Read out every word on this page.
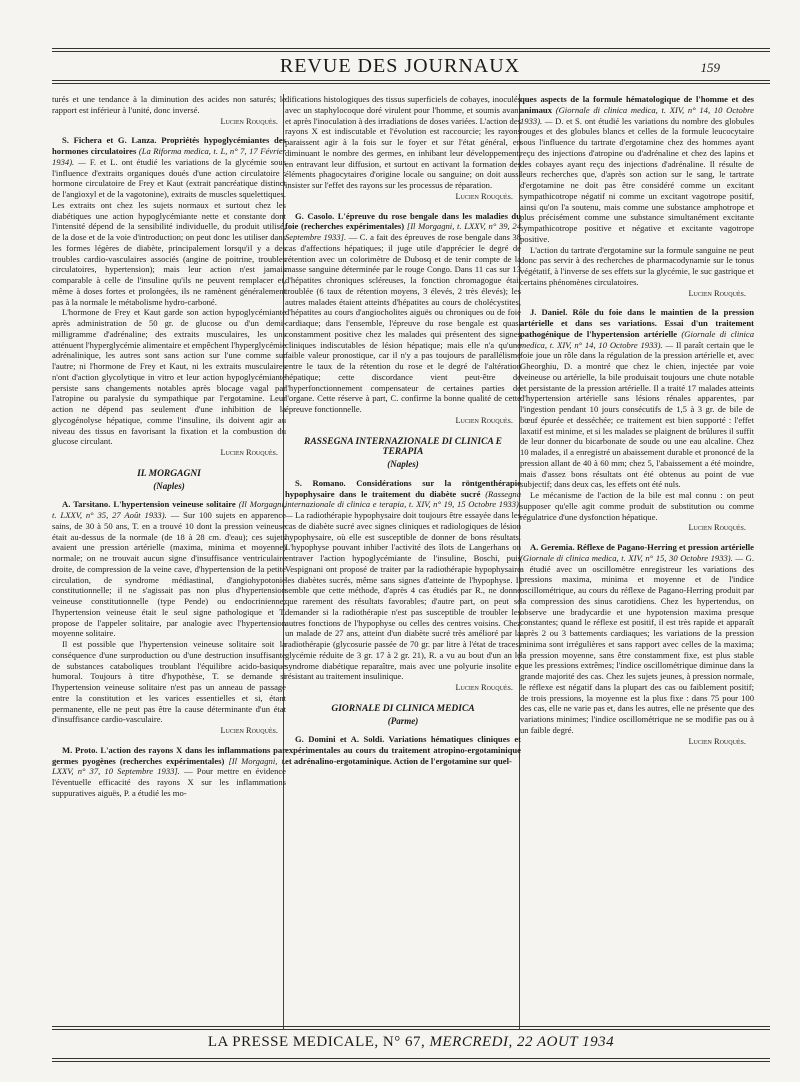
REVUE DES JOURNAUX	159

turés et une tendance à la diminution des acides non saturés; le rapport est inférieur à l'unité, donc inversé.

Lucien Rouquès.

S. Fichera et G. Lanza. Propriétés hypoglycémiantes des hormones circulatoires (La Riforma medica, t. L, n° 7, 17 Février 1934). — F. et L. ont étudié les variations de la glycémie sous l'influence d'extraits organiques doués d'une action circulatoire : hormone circulatoire de Frey et Kaut (extrait pancréatique distinct de l'angioxyl et de la vagotonine), extraits de muscles squelettiques. Les extraits ont chez les sujets normaux et surtout chez les diabétiques une action hypoglycémiante nette et constante dont l'intensité dépend de la sensibilité individuelle, du produit utilisé, de la dose et de la voie d'introduction; on peut donc les utiliser dans les formes légères de diabète, principalement lorsqu'il y a des troubles cardio-vasculaires associés (angine de poitrine, troubles circulatoires, hypertension); mais leur action n'est jamais comparable à celle de l'insuline qu'ils ne peuvent remplacer et, même à doses fortes et prolongées, ils ne ramènent généralement pas à la normale le métabolisme hydro-carboné.

L'hormone de Frey et Kaut garde son action hypoglycémiante après administration de 50 gr. de glucose ou d'un demi-milligramme d'adrénaline; des extraits musculaires, les uns atténuent l'hyperglycémie alimentaire et empêchent l'hyperglycémie adrénalinique, les autres sont sans action sur l'une comme sur l'autre; ni l'hormone de Frey et Kaut, ni les extraits musculaires n'ont d'action glycolytique in vitro et leur action hypoglycémiante persiste sans changements notables après blocage vagal par l'atropine ou paralysie du sympathique par l'ergotamine. Leur action ne dépend pas seulement d'une inhibition de la glycogénolyse hépatique, comme l'insuline, ils doivent agir au niveau des tissus en favorisant la fixation et la combustion du glucose circulant.

Lucien Rouquès.
IL MORGAGNI
(Naples)

A. Tarsitano. L'hypertension veineuse solitaire (Il Morgagni, t. LXXV, n° 35, 27 Août 1933). — Sur 100 sujets en apparence sains, de 30 à 50 ans, T. en a trouvé 10 dont la pression veineuse était au-dessus de la normale (de 18 à 28 cm. d'eau); ces sujets avaient une pression artérielle (maxima, minima et moyenne) normale; on ne trouvait aucun signe d'insuffisance ventriculaire droite, de compression de la veine cave, d'hypertension de la petite circulation, de syndrome médiastinal, d'angiohypotonie constitutionnelle; il ne s'agissait pas non plus d'hypertension veineuse constitutionnelle (type Pende) ou endocrinienne; l'hypertension veineuse était le seul signe pathologique et T. propose de l'appeler solitaire, par analogie avec l'hypertension moyenne solitaire.

Il est possible que l'hypertension veineuse solitaire soit la conséquence d'une surproduction ou d'une destruction insuffisante de substances cataboliques troublant l'équilibre acido-basique humoral. Toujours à titre d'hypothèse, T. se demande si l'hypertension veineuse solitaire n'est pas un anneau de passage entre la constitution et les varices essentielles et si, étant permanente, elle ne peut pas être la cause déterminante d'un état d'insuffisance cardio-vasculaire.

Lucien Rouquès.

M. Proto. L'action des rayons X dans les inflammations par germes pyogènes (recherches expérimentales) [Il Morgagni, t. LXXV, n° 37, 10 Septembre 1933]. — Pour mettre en évidence l'éventuelle efficacité des rayons X sur les inflammations suppuratives aiguës, P. a étudié les mo-

difications histologiques des tissus superficiels de cobayes, inoculés avec un staphylocoque doré virulent pour l'homme, et soumis avant et après l'inoculation à des irradiations de doses variées. L'action des rayons X est indiscutable et l'évolution est raccourcie; les rayons paraissent agir à la fois sur le foyer et sur l'état général, en diminuant le nombre des germes, en inhibant leur développement, en entravant leur diffusion, et surtout en activant la formation des éléments phagocytaires d'origine locale ou sanguine; on doit aussi insister sur l'effet des rayons sur les processus de réparation.

Lucien Rouquès.

G. Casolo. L'épreuve du rose bengale dans les maladies du foie (recherches expérimentales) [Il Morgagni, t. LXXV, n° 39, 24 Septembre 1933]. — C. a fait des épreuves de rose bengale dans 38 cas d'affections hépatiques; il juge utile d'apprécier le degré de rétention avec un colorimètre de Dubosq et de tenir compte de la masse sanguine déterminée par le rouge Congo. Dans 11 cas sur 13 d'hépatites chroniques scléreuses, la fonction chromagogue était troublée (6 taux de rétention moyens, 3 élevés, 2 très élevés); les autres malades étaient atteints d'hépatites au cours de cholécystites, d'hépatites au cours d'angiocholites aiguës ou chroniques ou de foie cardiaque; dans l'ensemble, l'épreuve du rose bengale est quasi constamment positive chez les malades qui présentent des signes cliniques indiscutables de lésion hépatique; mais elle n'a qu'une faible valeur pronostique, car il n'y a pas toujours de parallélisme entre le taux de la rétention du rose et le degré de l'altération hépatique; cette discordance vient peut-être de l'hyperfonctionnement compensateur de certaines parties de l'organe. Cette réserve à part, C. confirme la bonne qualité de cette épreuve fonctionnelle.

Lucien Rouquès.
RASSEGNA INTERNAZIONALE DI CLINICA E TERAPIA
(Naples)

S. Romano. Considérations sur la röntgenthérapie hypophysaire dans le traitement du diabète sucré (Rassegna internazionale di clinica e terapia, t. XIV, n° 19, 15 Octobre 1933). — La radiothérapie hypophysaire doit toujours être essayée dans les cas de diabète sucré avec signes cliniques et radiologiques de lésion hypophysaire, où elle est susceptible de donner de bons résultats. L'hypophyse pouvant inhiber l'activité des îlots de Langerhans on entraver l'action hypoglycémiante de l'insuline, Boschi, puis Vespignani ont proposé de traiter par la radiothérapie hypophysaire les diabètes sucrés, même sans signes d'atteinte de l'hypophyse. Il semble que cette méthode, d'après 4 cas étudiés par R., ne donne que rarement des résultats favorables; d'autre part, on peut se demander si la radiothérapie n'est pas susceptible de troubler les autres fonctions de l'hypophyse ou celles des centres voisins. Chez un malade de 27 ans, atteint d'un diabète sucré très amélioré par la radiothérapie (glycosurie passée de 70 gr. par litre à l'état de traces, glycémie réduite de 3 gr. 17 à 2 gr. 21), R. a vu au bout d'un an le syndrome diabétique reparaître, mais avec une polyurie insolite et résistant au traitement insulinique.

Lucien Rouquès.
GIORNALE DI CLINICA MEDICA
(Parme)

G. Domini et A. Soldi. Variations hématiques cliniques et expérimentales au cours du traitement atropino-ergotaminique et adrénalino-ergotaminique. Action de l'ergotamine sur quel-

ques aspects de la formule hématologique de l'homme et des animaux (Giornale di clinica medica, t. XIV, n° 14, 10 Octobre 1933). — D. et S. ont étudié les variations du nombre des globules rouges et des globules blancs et celles de la formule leucocytaire sous l'influence du tartrate d'ergotamine chez des hommes ayant reçu des injections d'atropine ou d'adrénaline et chez des lapins et des cobayes ayant reçu des injections d'adrénaline. Il résulte de leurs recherches que, d'après son action sur le sang, le tartrate d'ergotamine ne doit pas être considéré comme un excitant sympathicotrope négatif ni comme un excitant vagotrope positif, ainsi qu'on l'a soutenu, mais comme une substance amphotrope et plus précisément comme une substance simultanément excitante sympathicotrope positive et négative et excitante vagotrope positive.

L'action du tartrate d'ergotamine sur la formule sanguine ne peut donc pas servir à des recherches de pharmacodynamie sur le tonus végétatif, à l'inverse de ses effets sur la glycémie, le suc gastrique et certains phénomènes circulatoires.

Lucien Rouquès.

J. Daniel. Rôle du foie dans le maintien de la pression artérielle et dans ses variations. Essai d'un traitement pathogénique de l'hypertension artérielle (Giornale di clinica medica, t. XIV, n° 14, 10 Octobre 1933). — Il paraît certain que le foie joue un rôle dans la régulation de la pression artérielle et, avec Gheorghiu, D. a montré que chez le chien, injectée par voie veineuse ou artérielle, la bile produisait toujours une chute notable et persistante de la pression artérielle. Il a traité 17 malades atteints d'hypertension artérielle sans lésions rénales apparentes, par l'ingestion pendant 10 jours consécutifs de 1,5 à 3 gr. de bile de bœuf épurée et desséchée; ce traitement est bien supporté : l'effet laxatif est minime, et si les malades se plaignent de brûlures il suffit de leur donner du bicarbonate de soude ou une eau alcaline. Chez 10 malades, il a enregistré un abaissement durable et prononcé de la pression allant de 40 à 60 mm; chez 5, l'abaissement a été moindre, mais d'assez bons résultats ont été obtenus au point de vue subjectif; dans deux cas, les effets ont été nuls.

Le mécanisme de l'action de la bile est mal connu : on peut supposer qu'elle agit comme produit de substitution ou comme régulatrice d'une dysfonction hépatique.

Lucien Rouquès.

A. Geremia. Réflexe de Pagano-Herring et pression artérielle (Giornale di clinica medica, t. XIV, n° 15, 30 Octobre 1933). — G. a étudié avec un oscillomètre enregistreur les variations des pressions maxima, minima et moyenne et de l'indice oscillométrique, au cours du réflexe de Pagano-Herring produit par la compression des sinus carotidiens. Chez les hypertendus, on observe une bradycardie et une hypotension maxima presque constantes; quand le réflexe est positif, il est très rapide et apparaît après 2 ou 3 battements cardiaques; les variations de la pression minima sont irrégulières et sans rapport avec celles de la maxima; la pression moyenne, sans être constamment fixe, est plus stable que les pressions extrêmes; l'indice oscillométrique diminue dans la grande majorité des cas. Chez les sujets jeunes, à pression normale, le réflexe est négatif dans la plupart des cas ou faiblement positif; de trois pressions, la moyenne est la plus fixe : dans 75 pour 100 des cas, elle ne varie pas et, dans les autres, elle ne présente que des variations minimes; l'indice oscillométrique ne se modifie pas ou à un faible degré.

Lucien Rouquès.
LA PRESSE MEDICALE, N° 67, MERCREDI, 22 AOUT 1934
